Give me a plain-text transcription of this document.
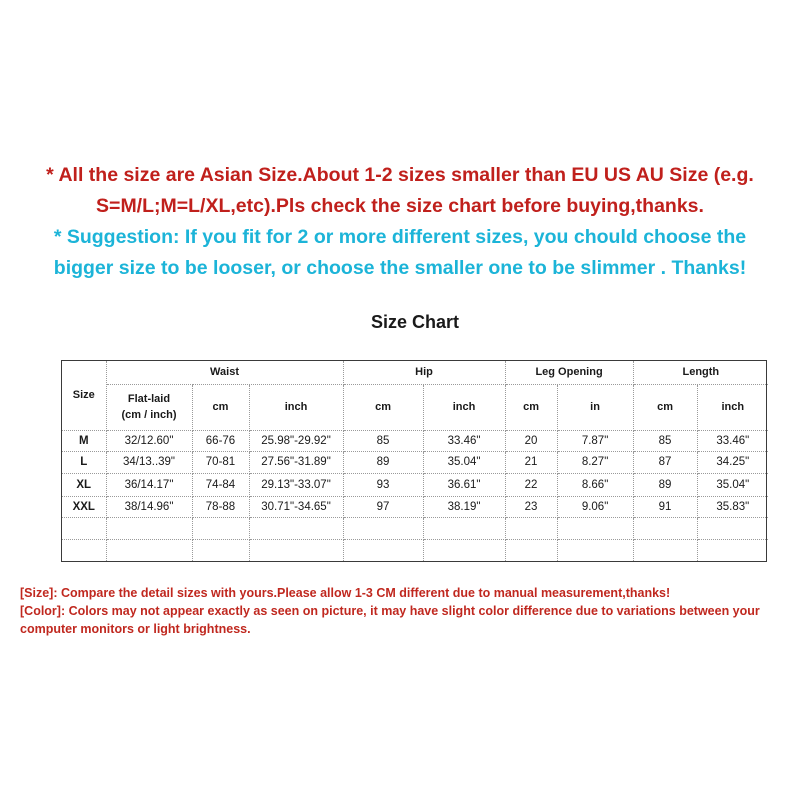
* All the size are Asian Size.About 1-2 sizes smaller than EU US AU Size (e.g.
S=M/L;M=L/XL,etc).Pls check the size chart before buying,thanks.
* Suggestion: If you fit for 2 or more different sizes, you chould choose the
bigger size to be looser, or choose the smaller one to be slimmer . Thanks!
Size Chart
Size	Waist			Hip		Leg Opening		Length	
	Flat-laid
(cm / inch)	cm	inch	cm	inch	cm	in	cm	inch
M	32/12.60"	66-76	25.98"-29.92"	85	33.46"	20	7.87"	85	33.46"
L	34/13..39"	70-81	27.56"-31.89"	89	35.04"	21	8.27"	87	34.25"
XL	36/14.17"	74-84	29.13"-33.07"	93	36.61"	22	8.66"	89	35.04"
XXL	38/14.96"	78-88	30.71"-34.65"	97	38.19"	23	9.06"	91	35.83"

[Size]: Compare the detail sizes with yours.Please allow 1-3 CM different due to manual measurement,thanks!
[Color]: Colors may not appear exactly as seen on picture, it may have slight color difference due to variations between your computer monitors or light brightness.
